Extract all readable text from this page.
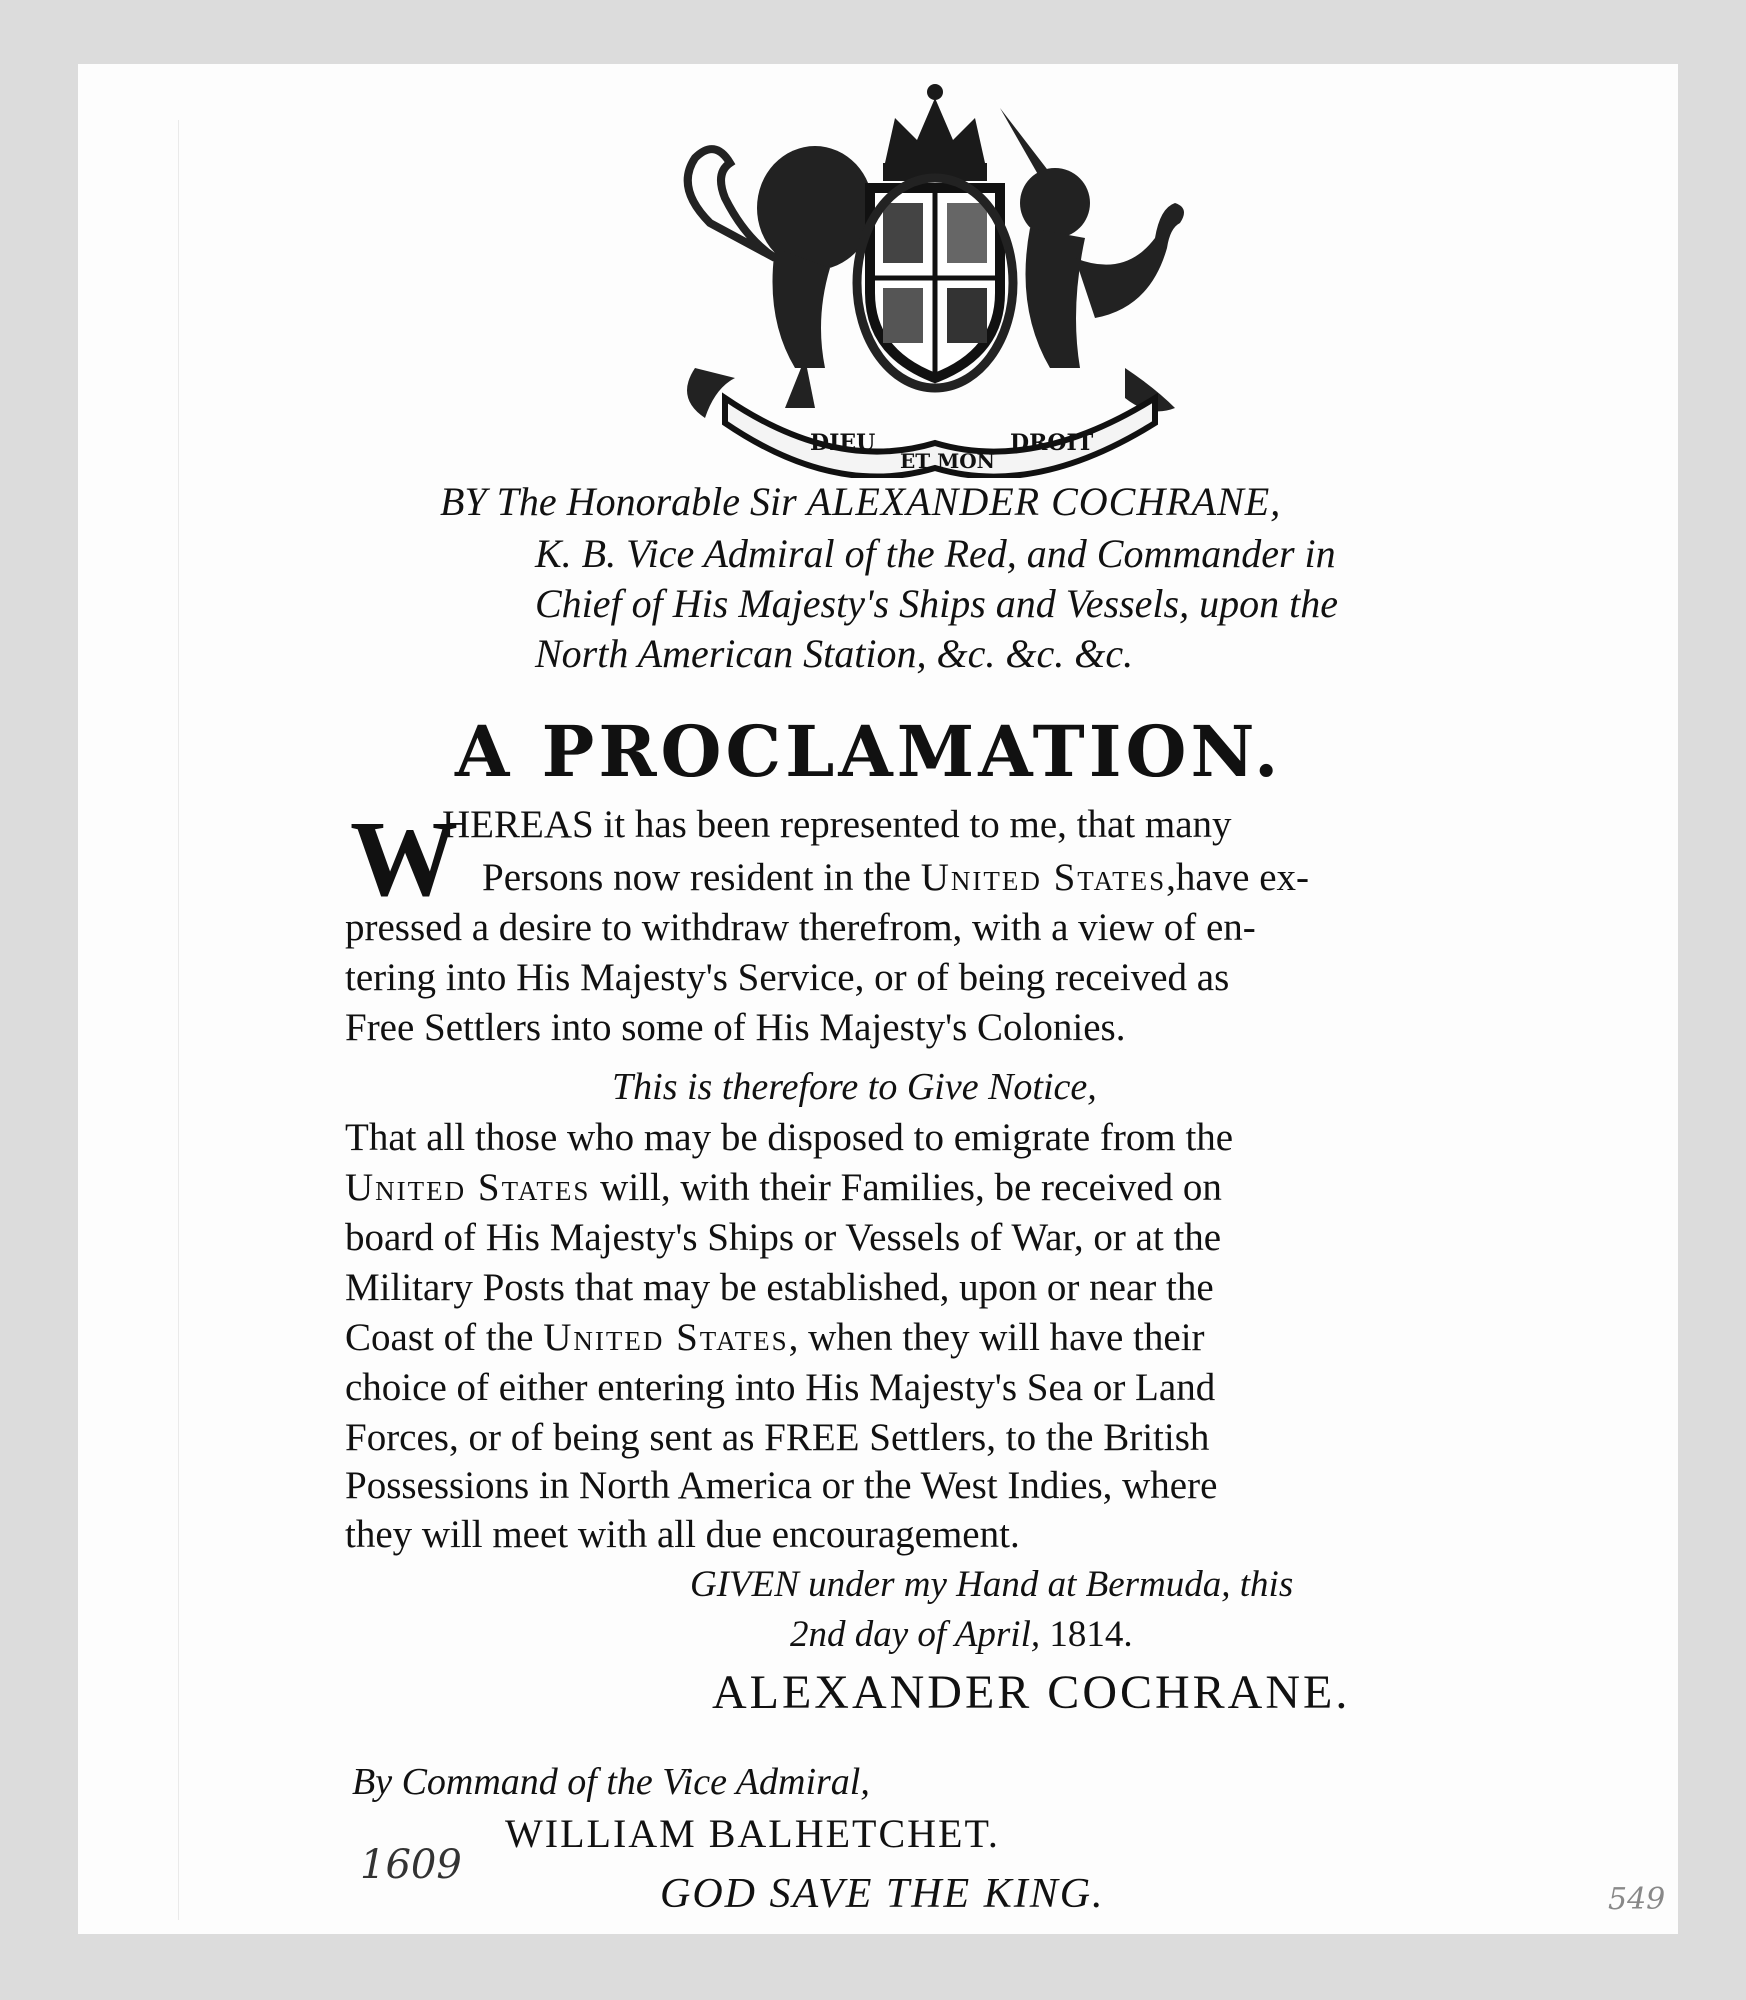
DIEU
ET MON
DROIT

BY The Honorable Sir ALEXANDER COCHRANE,

K. B. Vice Admiral of the Red, and Commander in

Chief of His Majesty's Ships and Vessels, upon the

North American Station, &c. &c. &c.

A PROCLAMATION.

W

HEREAS it has been represented to me, that many

Persons now resident in the United States,have ex-

pressed a desire to withdraw therefrom, with a view of en-

tering into His Majesty's Service, or of being received as

Free Settlers into some of His Majesty's Colonies.

This is therefore to Give Notice,

That all those who may be disposed to emigrate from the

United States will, with their Families, be received on

board of His Majesty's Ships or Vessels of War, or at the

Military Posts that may be established, upon or near the

Coast of the United States, when they will have their

choice of either entering into His Majesty's Sea or Land

Forces, or of being sent as FREE Settlers, to the British

Possessions in North America or the West Indies, where

they will meet with all due encouragement.

GIVEN under my Hand at Bermuda, this

2nd day of April, 1814.

ALEXANDER COCHRANE.

By Command of the Vice Admiral,

WILLIAM BALHETCHET.

GOD SAVE THE KING.

1609
549
